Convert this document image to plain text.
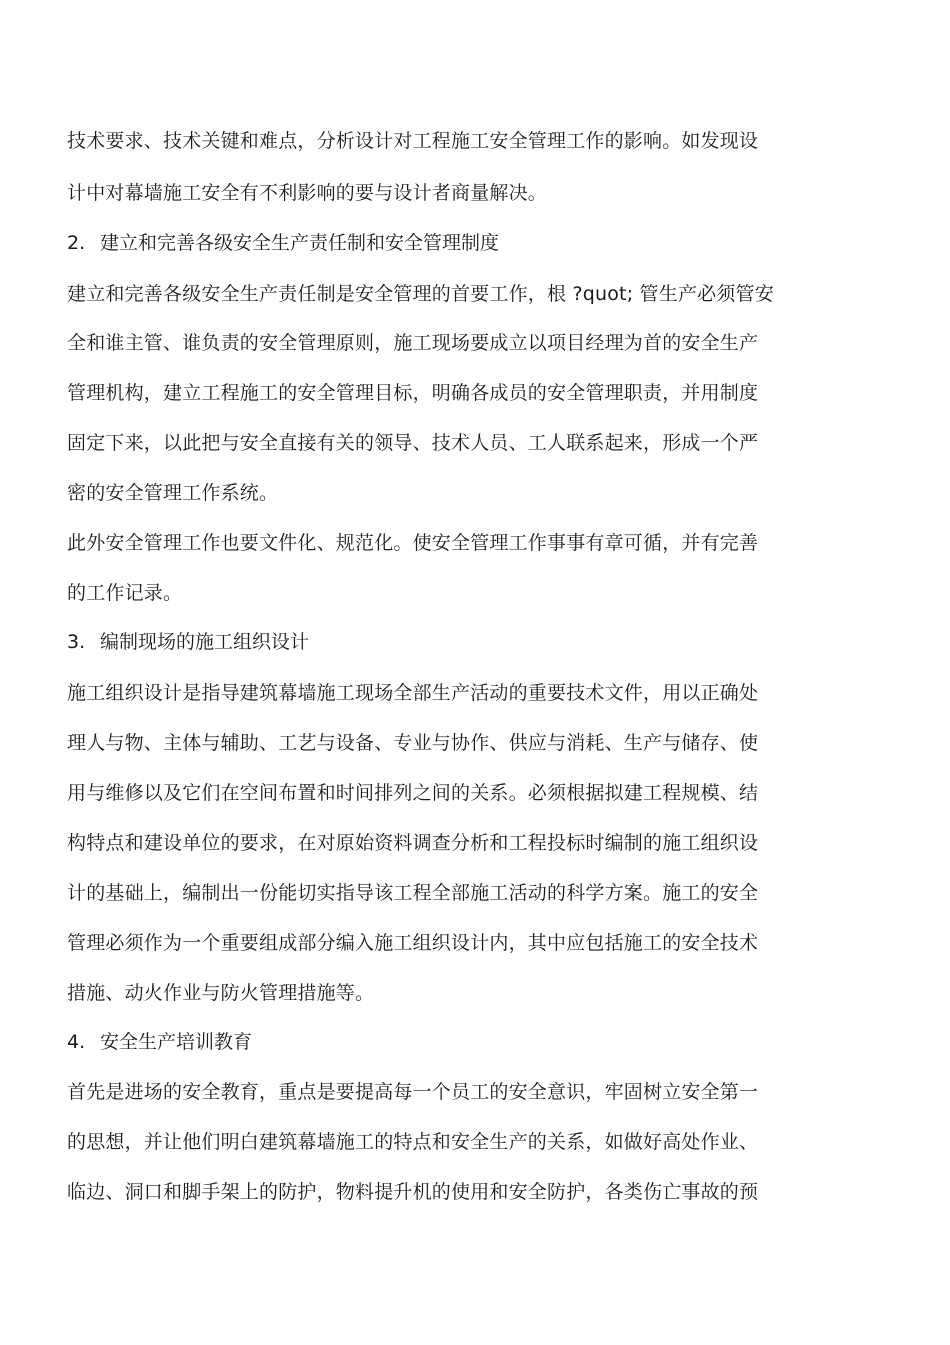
技术要求、技术关键和难点，分析设计对工程施工安全管理工作的影响。如发现设
计中对幕墙施工安全有不利影响的要与设计者商量解决。
2. 建立和完善各级安全生产责任制和安全管理制度
建立和完善各级安全生产责任制是安全管理的首要工作，根 ?quot; 管生产必须管安
全和谁主管、谁负责的安全管理原则，施工现场要成立以项目经理为首的安全生产
管理机构，建立工程施工的安全管理目标，明确各成员的安全管理职责，并用制度
固定下来，以此把与安全直接有关的领导、技术人员、工人联系起来，形成一个严
密的安全管理工作系统。
此外安全管理工作也要文件化、规范化。使安全管理工作事事有章可循，并有完善
的工作记录。
3. 编制现场的施工组织设计
施工组织设计是指导建筑幕墙施工现场全部生产活动的重要技术文件，用以正确处
理人与物、主体与辅助、工艺与设备、专业与协作、供应与消耗、生产与储存、使
用与维修以及它们在空间布置和时间排列之间的关系。必须根据拟建工程规模、结
构特点和建设单位的要求，在对原始资料调查分析和工程投标时编制的施工组织设
计的基础上，编制出一份能切实指导该工程全部施工活动的科学方案。施工的安全
管理必须作为一个重要组成部分编入施工组织设计内，其中应包括施工的安全技术
措施、动火作业与防火管理措施等。
4. 安全生产培训教育
首先是进场的安全教育，重点是要提高每一个员工的安全意识，牢固树立安全第一
的思想，并让他们明白建筑幕墙施工的特点和安全生产的关系，如做好高处作业、
临边、洞口和脚手架上的防护，物料提升机的使用和安全防护，各类伤亡事故的预
